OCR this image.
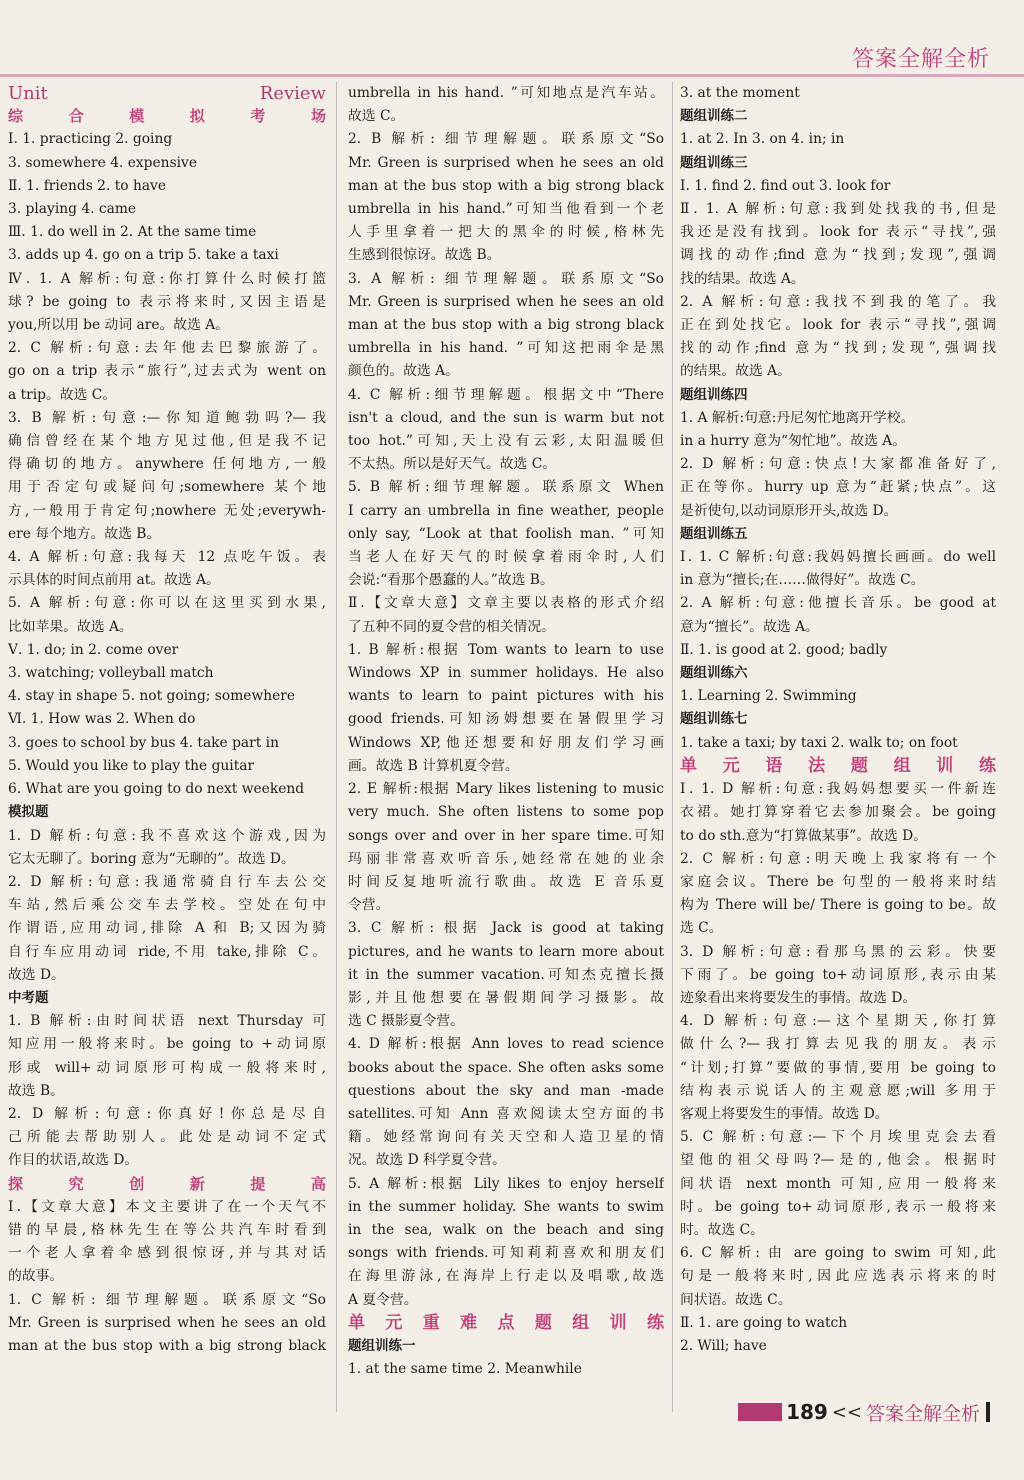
答案全解全析
Unit Review
综合模拟考场
Ⅰ. 1. practicing 2. going
3. somewhere 4. expensive
Ⅱ. 1. friends 2. to have
3. playing 4. came
Ⅲ. 1. do well in 2. At the same time
3. adds up 4. go on a trip 5. take a taxi
Ⅳ. 1. A 解析:句意:你打算什么时候打篮
球? be going to 表示将来时,又因主语是
you,所以用 be 动词 are。故选 A。
2. C 解析:句意:去年他去巴黎旅游了。
go on a trip 表示“旅行”,过去式为 went on
a trip。故选 C。
3. B 解析:句意:—你知道鲍勃吗?—我
确信曾经在某个地方见过他,但是我不记
得确切的地方。anywhere 任何地方,一般
用于否定句或疑问句;somewhere 某个地
方,一般用于肯定句;nowhere 无处;everywh-
ere 每个地方。故选 B。
4. A 解析:句意:我每天 12 点吃午饭。表
示具体的时间点前用 at。故选 A。
5. A 解析:句意:你可以在这里买到水果,
比如苹果。故选 A。
Ⅴ. 1. do; in 2. come over
3. watching; volleyball match
4. stay in shape 5. not going; somewhere
Ⅵ. 1. How was 2. When do
3. goes to school by bus 4. take part in
5. Would you like to play the guitar
6. What are you going to do next weekend
模拟题
1. D 解析:句意:我不喜欢这个游戏,因为
它太无聊了。boring 意为“无聊的”。故选 D。
2. D 解析:句意:我通常骑自行车去公交
车站,然后乘公交车去学校。空处在句中
作谓语,应用动词,排除 A 和 B;又因为骑
自行车应用动词 ride,不用 take,排除 C。
故选 D。
中考题
1. B 解析:由时间状语 next Thursday 可
知应用一般将来时。be going to +动词原
形或 will+动词原形可构成一般将来时,
故选 B。
2. D 解析:句意:你真好!你总是尽自
己所能去帮助别人。此处是动词不定式
作目的状语,故选 D。
探究创新提高
Ⅰ.【文章大意】本文主要讲了在一个天气不
错的早晨,格林先生在等公共汽车时看到
一个老人拿着伞感到很惊讶,并与其对话
的故事。
1. C 解析: 细节理解题。联系原文“So
Mr. Green is surprised when he sees an old
man at the bus stop with a big strong black
umbrella in his hand. ”可知地点是汽车站。
故选 C。
2. B 解析: 细节理解题。联系原文“So
Mr. Green is surprised when he sees an old
man at the bus stop with a big strong black
umbrella in his hand.”可知当他看到一个老
人手里拿着一把大的黑伞的时候,格林先
生感到很惊讶。故选 B。
3. A 解析: 细节理解题。联系原文“So
Mr. Green is surprised when he sees an old
man at the bus stop with a big strong black
umbrella in his hand. ”可知这把雨伞是黑
颜色的。故选 A。
4. C 解析:细节理解题。根据文中“There
isn't a cloud, and the sun is warm but not
too hot.”可知,天上没有云彩,太阳温暖但
不太热。所以是好天气。故选 C。
5. B 解析:细节理解题。联系原文 When
I carry an umbrella in fine weather, people
only say, “Look at that foolish man. ”可知
当老人在好天气的时候拿着雨伞时,人们
会说:“看那个愚蠢的人。”故选 B。
Ⅱ.【文章大意】文章主要以表格的形式介绍
了五种不同的夏令营的相关情况。
1. B 解析:根据 Tom wants to learn to use
Windows XP in summer holidays. He also
wants to learn to paint pictures with his
good friends.可知汤姆想要在暑假里学习
Windows XP,他还想要和好朋友们学习画
画。故选 B 计算机夏令营。
2. E 解析:根据 Mary likes listening to music
very much. She often listens to some pop
songs over and over in her spare time.可知
玛丽非常喜欢听音乐,她经常在她的业余
时间反复地听流行歌曲。故选 E 音乐夏
令营。
3. C 解析: 根据 Jack is good at taking
pictures, and he wants to learn more about
it in the summer vacation.可知杰克擅长摄
影,并且他想要在暑假期间学习摄影。故
选 C 摄影夏令营。
4. D 解析:根据 Ann loves to read science
books about the space. She often asks some
questions about the sky and man -made
satellites.可知 Ann 喜欢阅读太空方面的书
籍。她经常询问有关天空和人造卫星的情
况。故选 D 科学夏令营。
5. A 解析:根据 Lily likes to enjoy herself
in the summer holiday. She wants to swim
in the sea, walk on the beach and sing
songs with friends.可知莉莉喜欢和朋友们
在海里游泳,在海岸上行走以及唱歌,故选
A 夏令营。
单元重难点题组训练
题组训练一
1. at the same time 2. Meanwhile
3. at the moment
题组训练二
1. at 2. In 3. on 4. in; in
题组训练三
Ⅰ. 1. find 2. find out 3. look for
Ⅱ. 1. A 解析:句意:我到处找我的书,但是
我还是没有找到。look for 表示“寻找”,强
调找的动作;find 意为“找到;发现”,强调
找的结果。故选 A。
2. A 解析:句意:我找不到我的笔了。我
正在到处找它。look for 表示“寻找”,强调
找的动作;find 意为“找到;发现”,强调找
的结果。故选 A。
题组训练四
1. A 解析:句意:丹尼匆忙地离开学校。
in a hurry 意为“匆忙地”。故选 A。
2. D 解析:句意:快点!大家都准备好了,
正在等你。hurry up 意为“赶紧;快点”。这
是祈使句,以动词原形开头,故选 D。
题组训练五
Ⅰ. 1. C 解析:句意:我妈妈擅长画画。do well
in 意为“擅长;在……做得好”。故选 C。
2. A 解析:句意:他擅长音乐。be good at
意为“擅长”。故选 A。
Ⅱ. 1. is good at 2. good; badly
题组训练六
1. Learning 2. Swimming
题组训练七
1. take a taxi; by taxi 2. walk to; on foot
单元语法题组训练
Ⅰ. 1. D 解析:句意:我妈妈想要买一件新连
衣裙。她打算穿着它去参加聚会。be going
to do sth.意为“打算做某事”。故选 D。
2. C 解析:句意:明天晚上我家将有一个
家庭会议。There be 句型的一般将来时结
构为 There will be/ There is going to be。故
选 C。
3. D 解析:句意:看那乌黑的云彩。快要
下雨了。be going to+动词原形,表示由某
迹象看出来将要发生的事情。故选 D。
4. D 解析:句意:—这个星期天,你打算
做什么?—我打算去见我的朋友。表示
“计划;打算”要做的事情,要用 be going to
结构表示说话人的主观意愿;will 多用于
客观上将要发生的事情。故选 D。
5. C 解析:句意:—下个月埃里克会去看
望他的祖父母吗?—是的,他会。根据时
间状语 next month 可知,应用一般将来
时。be going to+动词原形,表示一般将来
时。故选 C。
6. C 解析: 由 are going to swim 可知,此
句是一般将来时,因此应选表示将来的时
间状语。故选 C。
Ⅱ. 1. are going to watch
2. Will; have
189 << 答案全解全析
